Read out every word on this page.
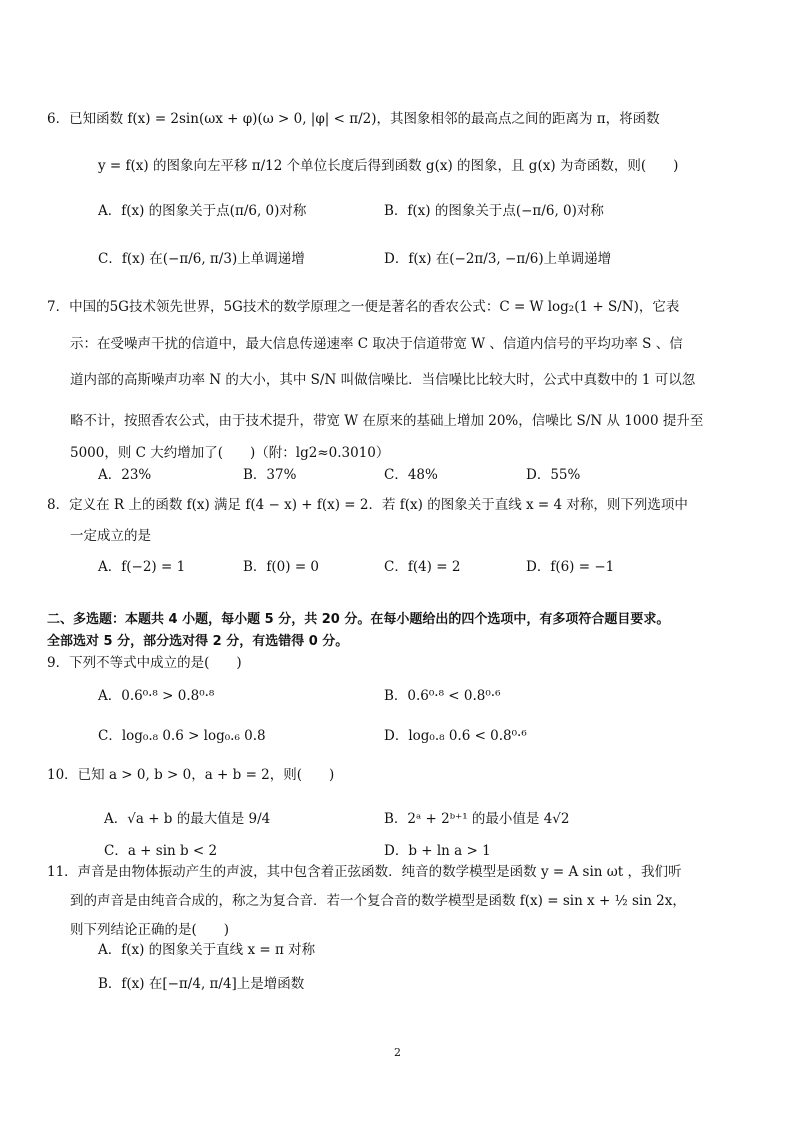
6．已知函数 f(x) = 2sin(ωx + φ)(ω > 0, |φ| < π/2)，其图象相邻的最高点之间的距离为 π，将函数
y = f(x) 的图象向左平移 π/12 个单位长度后得到函数 g(x) 的图象，且 g(x) 为奇函数，则(　　)
A．f(x) 的图象关于点(π/6, 0)对称	B．f(x) 的图象关于点(−π/6, 0)对称
C．f(x) 在(−π/6, π/3)上单调递增	D．f(x) 在(−2π/3, −π/6)上单调递增
7．中国的5G技术领先世界，5G技术的数学原理之一便是著名的香农公式：C = W log₂(1 + S/N)，它表
示：在受噪声干扰的信道中，最大信息传递速率 C 取决于信道带宽 W 、信道内信号的平均功率 S 、信
道内部的高斯噪声功率 N 的大小，其中 S/N 叫做信噪比．当信噪比比较大时，公式中真数中的 1 可以忽
略不计，按照香农公式，由于技术提升，带宽 W 在原来的基础上增加 20%，信噪比 S/N 从 1000 提升至
5000，则 C 大约增加了(　　)（附：lg2≈0.3010）
A．23%	B．37%	C．48%	D．55%
8．定义在 R 上的函数 f(x) 满足 f(4 − x) + f(x) = 2．若 f(x) 的图象关于直线 x = 4 对称，则下列选项中
一定成立的是
A．f(−2) = 1	B．f(0) = 0	C．f(4) = 2	D．f(6) = −1
二、多选题：本题共 4 小题，每小题 5 分，共 20 分。在每小题给出的四个选项中，有多项符合题目要求。
全部选对 5 分，部分选对得 2 分，有选错得 0 分。
9．下列不等式中成立的是(　　)
A．0.6⁰·⁸ > 0.8⁰·⁸	B．0.6⁰·⁸ < 0.8⁰·⁶
C．log₀.₈ 0.6 > log₀.₆ 0.8	D．log₀.₈ 0.6 < 0.8⁰·⁶
10．已知 a > 0, b > 0，a + b = 2，则(　　)
A．√a + b 的最大值是 9/4	B．2ᵃ + 2ᵇ⁺¹ 的最小值是 4√2
C．a + sin b < 2	D．b + ln a > 1
11．声音是由物体振动产生的声波，其中包含着正弦函数．纯音的数学模型是函数 y = A sin ωt ，我们听
到的声音是由纯音合成的，称之为复合音．若一个复合音的数学模型是函数 f(x) = sin x + ½ sin 2x，
则下列结论正确的是(　　)
A．f(x) 的图象关于直线 x = π 对称
B．f(x) 在[−π/4, π/4]上是增函数
2
